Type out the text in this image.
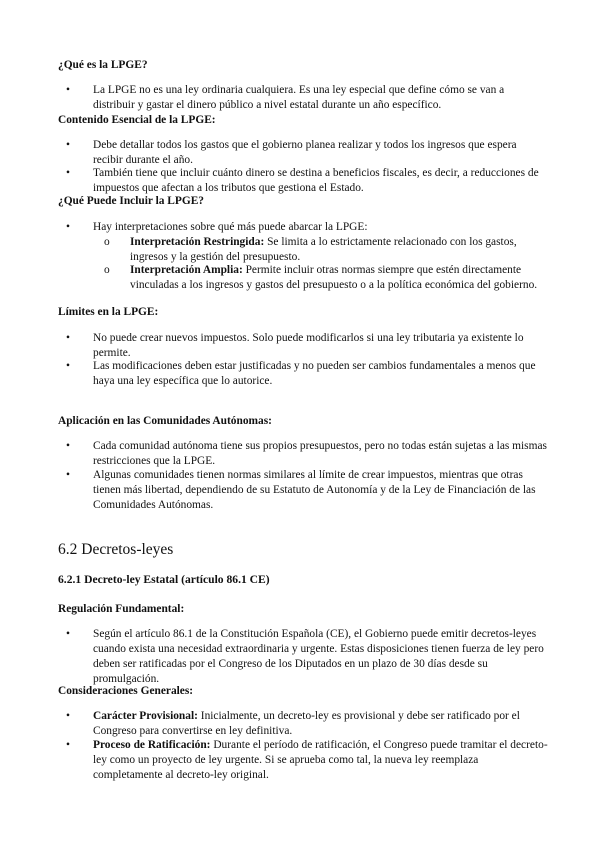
¿Qué es la LPGE?
•	La LPGE no es una ley ordinaria cualquiera. Es una ley especial que define cómo se van a distribuir y gastar el dinero público a nivel estatal durante un año específico.
Contenido Esencial de la LPGE:
•	Debe detallar todos los gastos que el gobierno planea realizar y todos los ingresos que espera recibir durante el año.
•	También tiene que incluir cuánto dinero se destina a beneficios fiscales, es decir, a reducciones de impuestos que afectan a los tributos que gestiona el Estado.
¿Qué Puede Incluir la LPGE?
•	Hay interpretaciones sobre qué más puede abarcar la LPGE:
o Interpretación Restringida: Se limita a lo estrictamente relacionado con los gastos, ingresos y la gestión del presupuesto.
o Interpretación Amplia: Permite incluir otras normas siempre que estén directamente vinculadas a los ingresos y gastos del presupuesto o a la política económica del gobierno.
Límites en la LPGE:
•	No puede crear nuevos impuestos. Solo puede modificarlos si una ley tributaria ya existente lo permite.
•	Las modificaciones deben estar justificadas y no pueden ser cambios fundamentales a menos que haya una ley específica que lo autorice.
Aplicación en las Comunidades Autónomas:
•	Cada comunidad autónoma tiene sus propios presupuestos, pero no todas están sujetas a las mismas restricciones que la LPGE.
•	Algunas comunidades tienen normas similares al límite de crear impuestos, mientras que otras tienen más libertad, dependiendo de su Estatuto de Autonomía y de la Ley de Financiación de las Comunidades Autónomas.
6.2 Decretos-leyes
6.2.1 Decreto-ley Estatal (artículo 86.1 CE)
Regulación Fundamental:
•	Según el artículo 86.1 de la Constitución Española (CE), el Gobierno puede emitir decretos-leyes cuando exista una necesidad extraordinaria y urgente. Estas disposiciones tienen fuerza de ley pero deben ser ratificadas por el Congreso de los Diputados en un plazo de 30 días desde su promulgación.
Consideraciones Generales:
•	Carácter Provisional: Inicialmente, un decreto-ley es provisional y debe ser ratificado por el Congreso para convertirse en ley definitiva.
•	Proceso de Ratificación: Durante el período de ratificación, el Congreso puede tramitar el decreto-ley como un proyecto de ley urgente. Si se aprueba como tal, la nueva ley reemplaza completamente al decreto-ley original.
